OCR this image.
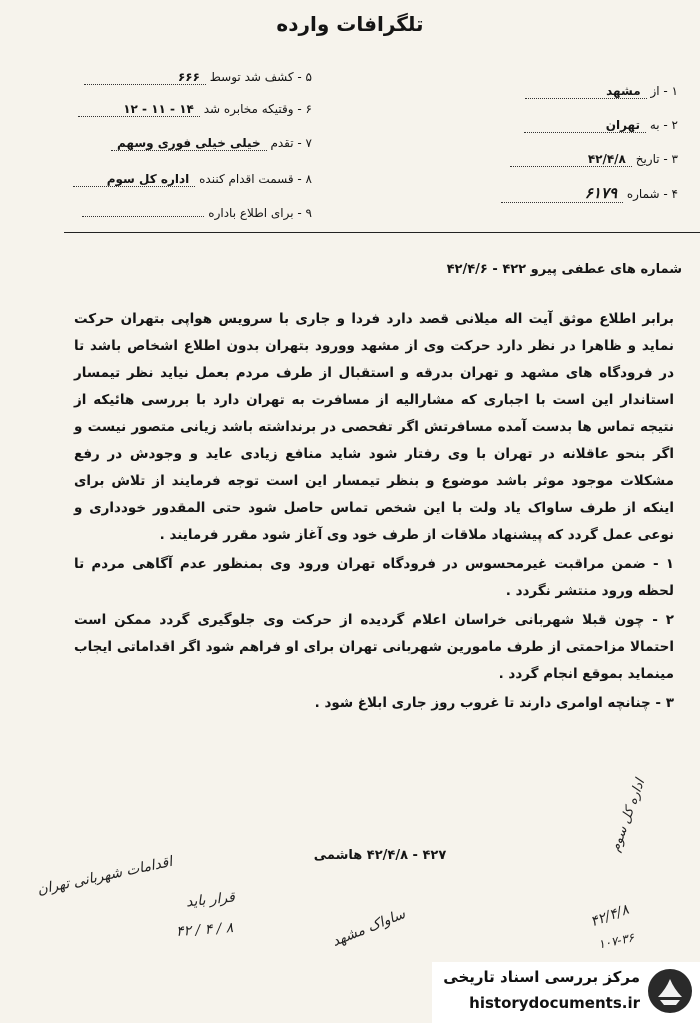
تلگرافات وارده
۵ - کشف شد توسط ۶۶۶
۶ - وقتیکه مخابره شد ۱۴ - ۱۱ - ۱۲
۷ - تقدم خیلی خیلی فوری وسهم
۸ - قسمت اقدام کننده اداره کل سوم
۹ - برای اطلاع باداره
۱ - از مشهد
۲ - به تهران
۳ - تاریخ ۴۲/۴/۸
۴ - شماره ۶۱۷۹
شماره های عطفی پیرو ۴۲۲ - ۴۲/۴/۶

برابر اطلاع موثق آیت اله میلانی قصد دارد فردا و جاری با سرویس هواپی بتهران حرکت نماید و ظاهرا در نظر دارد حرکت وی از مشهد وورود بتهران بدون اطلاع اشخاص باشد تا در فرودگاه های مشهد و تهران بدرقه و استقبال از طرف مردم بعمل نیاید نظر تیمسار استاندار این است با اجباری که مشارالیه از مسافرت به تهران دارد با بررسی هائیکه از نتیجه تماس ها بدست آمده مسافرتش اگر تفحصی در برنداشته باشد زیانی متصور نیست و اگر بنحو عاقلانه در تهران با وی رفتار شود شاید منافع زیادی عاید و وجودش در رفع مشکلات موجود موثر باشد موضوع و بنظر تیمسار این است توجه فرمایند از تلاش برای اینکه از طرف ساواک یاد ولت با این شخص تماس حاصل شود حتی المقدور خودداری و نوعی عمل گردد که پیشنهاد ملاقات از طرف خود وی آغاز شود مقرر فرمایند .

۱ - ضمن مراقبت غیرمحسوس در فرودگاه تهران ورود وی بمنظور عدم آگاهی مردم تا لحظه ورود منتشر نگردد .

۲ - چون قبلا شهربانی خراسان اعلام گردیده از حرکت وی جلوگیری گردد ممکن است احتمالا مزاحمتی از طرف مامورین شهربانی تهران برای او فراهم شود اگر اقداماتی ایجاب مینماید بموقع انجام گردد .

۳ - چنانچه اوامری دارند تا غروب روز جاری ابلاغ شود .

۴۲۷ - ۴۲/۴/۸ هاشمی
اقدامات شهربانی تهران
قرار باید
۸ / ۴ / ۴۲
اداره کل سوم
ساواک مشهد	۴۲/۴/۸
۱۰۷-۳۶
مرکز بررسی اسناد تاریخی
historydocuments.ir
